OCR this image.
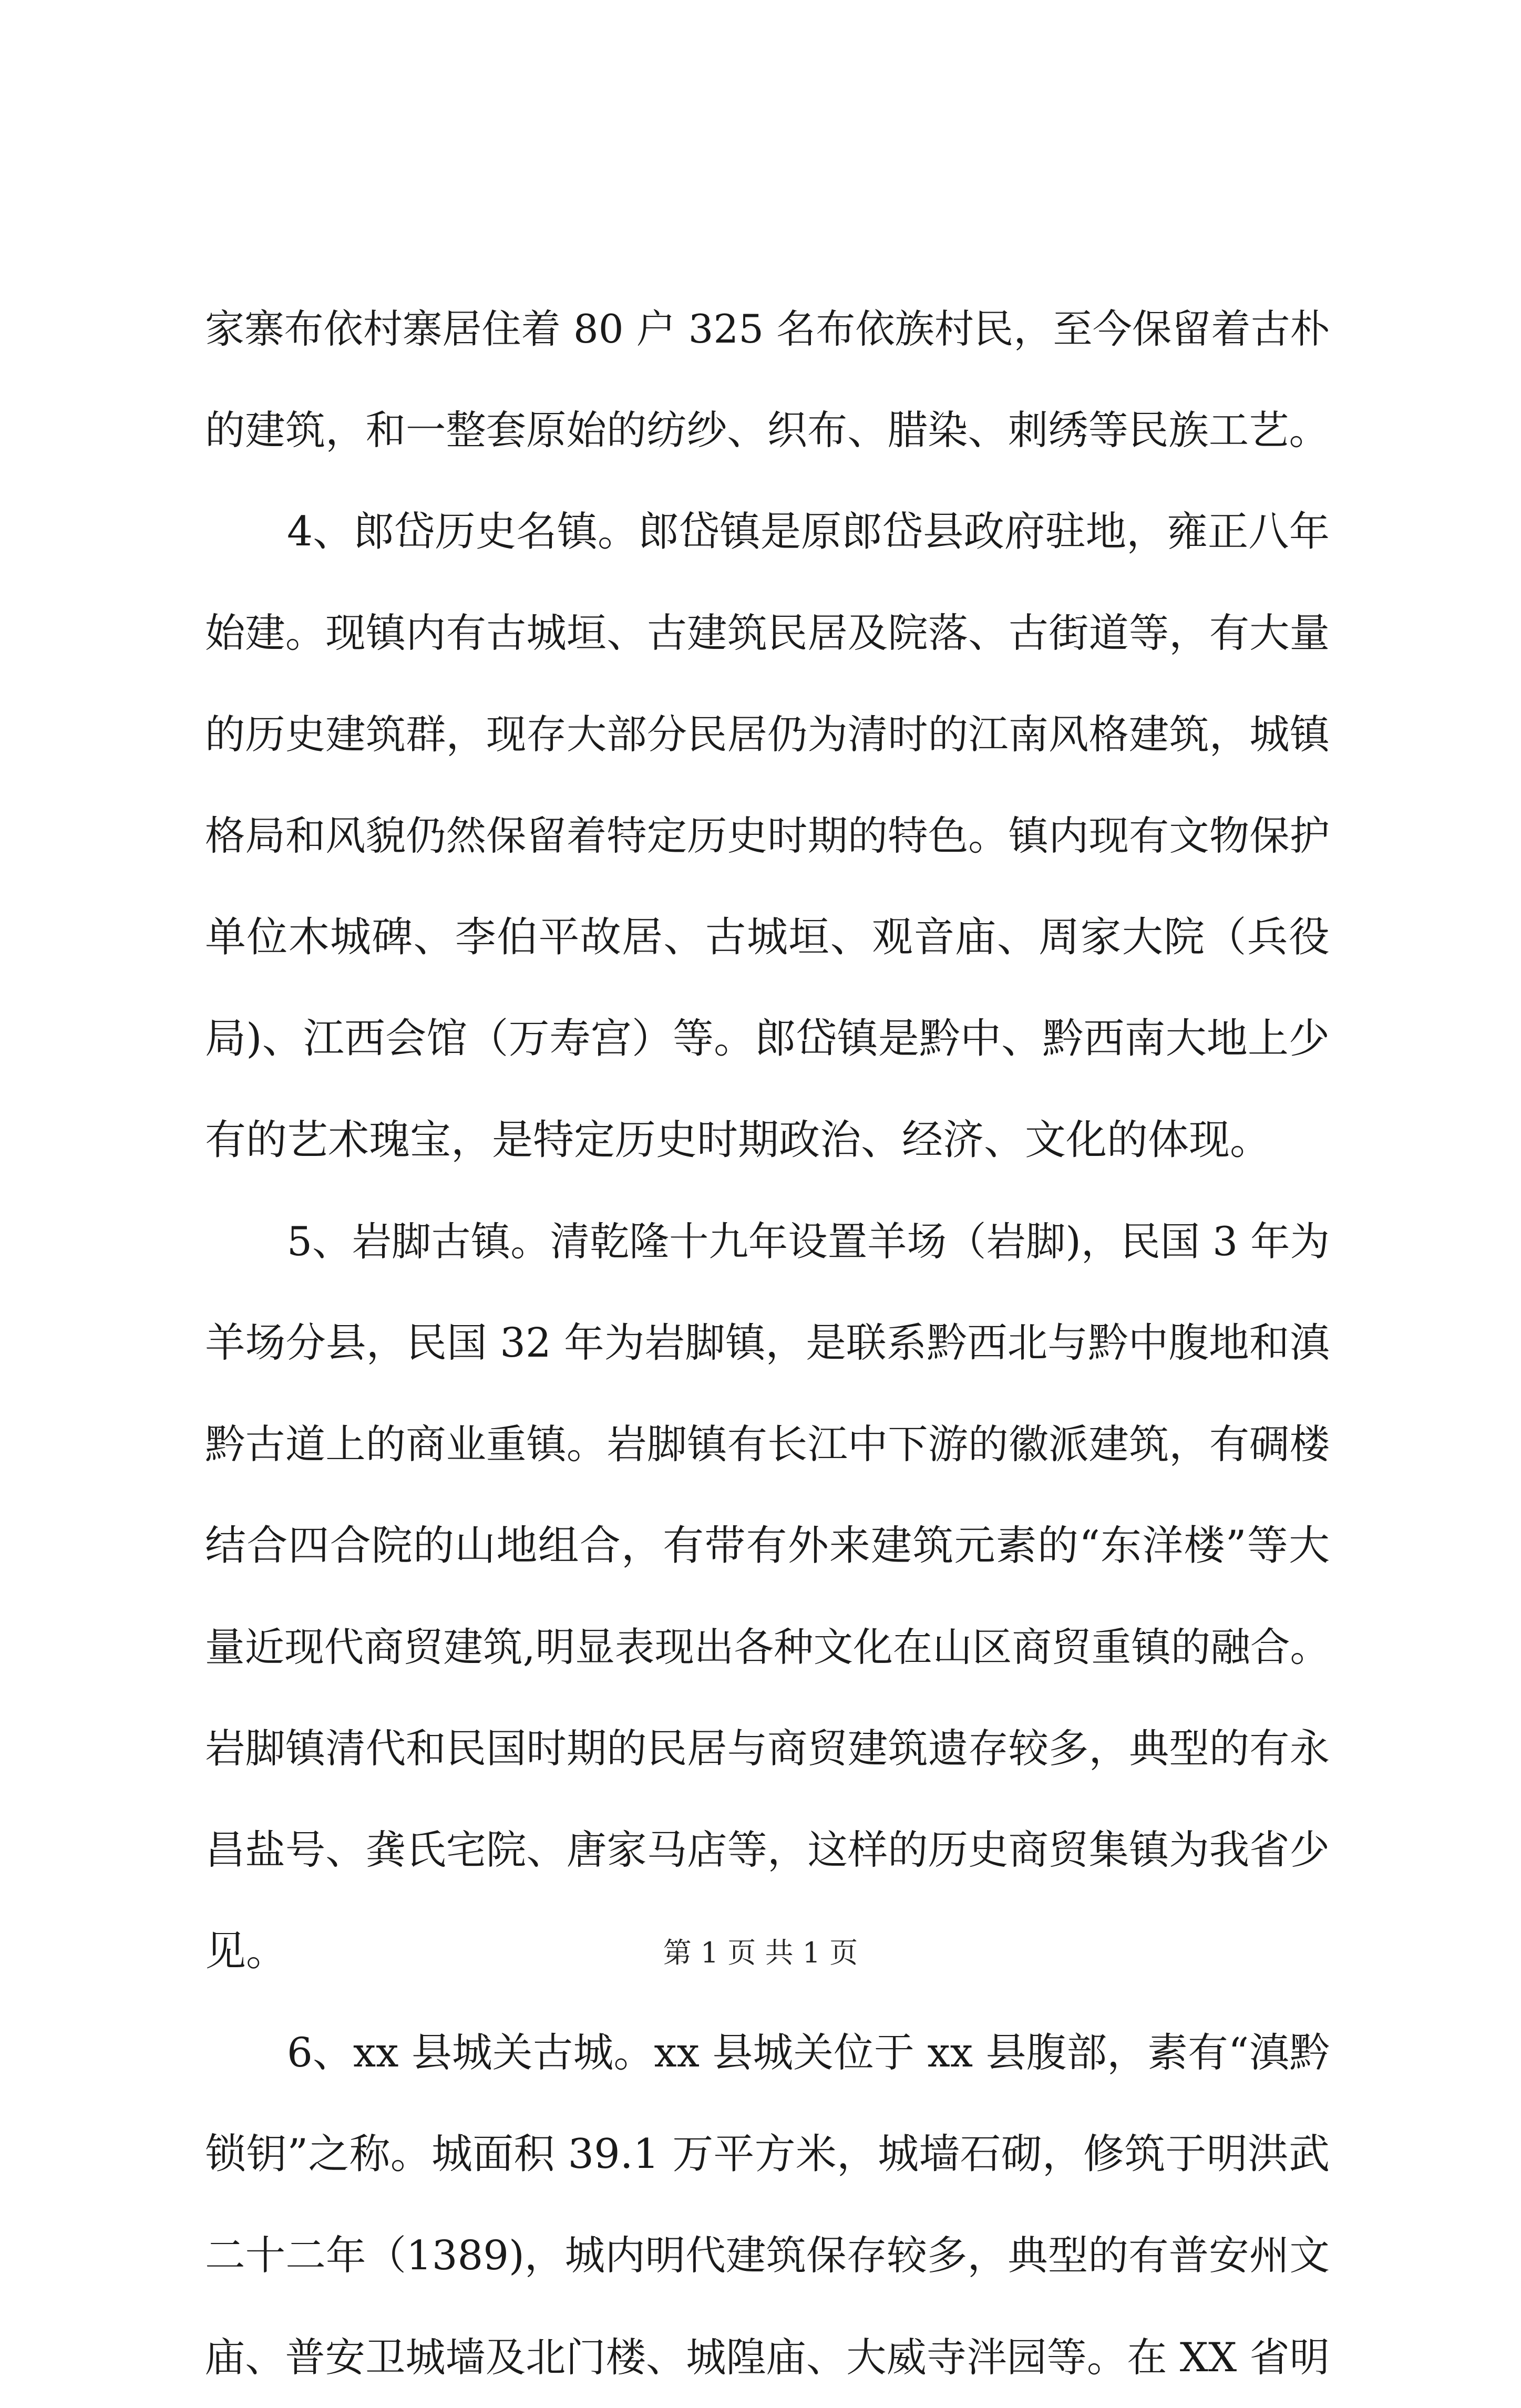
家寨布依村寨居住着 80 户 325 名布依族村民，至今保留着古朴
的建筑，和一整套原始的纺纱、织布、腊染、刺绣等民族工艺。
4、郎岱历史名镇。郎岱镇是原郎岱县政府驻地，雍正八年
始建。现镇内有古城垣、古建筑民居及院落、古街道等，有大量
的历史建筑群，现存大部分民居仍为清时的江南风格建筑，城镇
格局和风貌仍然保留着特定历史时期的特色。镇内现有文物保护
单位木城碑、李伯平故居、古城垣、观音庙、周家大院（兵役
局)、江西会馆（万寿宫）等。郎岱镇是黔中、黔西南大地上少
有的艺术瑰宝，是特定历史时期政治、经济、文化的体现。
5、岩脚古镇。清乾隆十九年设置羊场（岩脚)，民国 3 年为
羊场分县，民国 32 年为岩脚镇，是联系黔西北与黔中腹地和滇
黔古道上的商业重镇。岩脚镇有长江中下游的徽派建筑，有碉楼
结合四合院的山地组合，有带有外来建筑元素的“东洋楼”等大
量近现代商贸建筑,明显表现出各种文化在山区商贸重镇的融合。
岩脚镇清代和民国时期的民居与商贸建筑遗存较多，典型的有永
昌盐号、龚氏宅院、唐家马店等，这样的历史商贸集镇为我省少
见。
6、xx 县城关古城。xx 县城关位于 xx 县腹部，素有“滇黔
锁钥”之称。城面积 39.1 万平方米，城墙石砌，修筑于明洪武
二十二年（1389)，城内明代建筑保存较多，典型的有普安州文
庙、普安卫城墙及北门楼、城隍庙、大威寺泮园等。在 XX 省明
第 1 页 共 1 页
